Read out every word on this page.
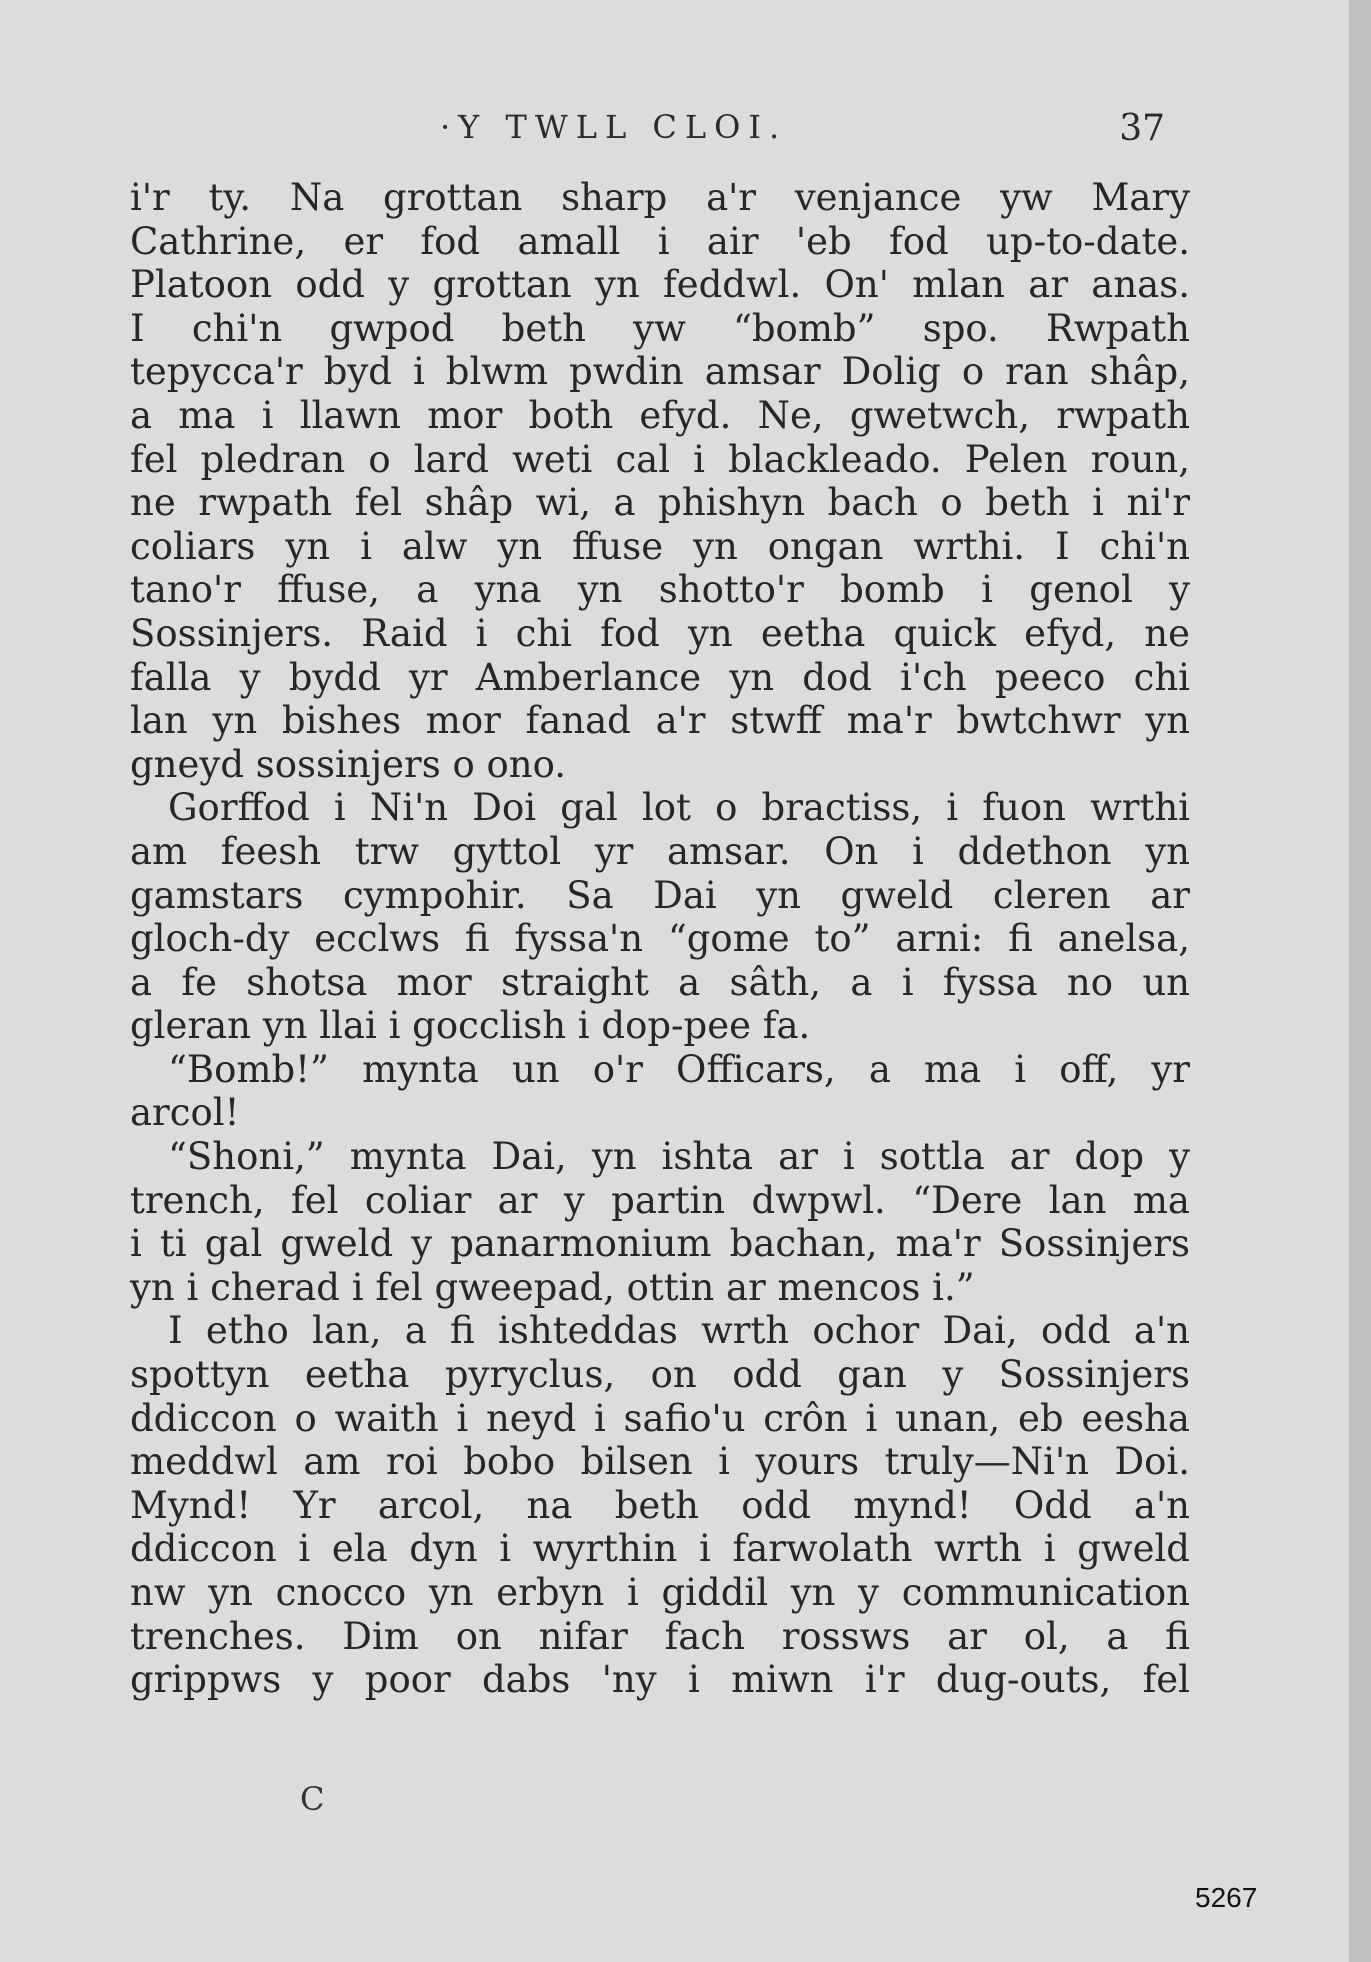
·Y TWLL CLOI.	37
i'r ty. Na grottan sharp a'r venjance yw Mary
Cathrine, er fod amall i air 'eb fod up-to-date.
Platoon odd y grottan yn feddwl. On' mlan ar anas.
I chi'n gwpod beth yw “bomb” spo. Rwpath
tepycca'r byd i blwm pwdin amsar Dolig o ran shâp,
a ma i llawn mor both efyd. Ne, gwetwch, rwpath
fel pledran o lard weti cal i blackleado. Pelen roun,
ne rwpath fel shâp wi, a phishyn bach o beth i ni'r
coliars yn i alw yn ffuse yn ongan wrthi. I chi'n
tano'r ffuse, a yna yn shotto'r bomb i genol y
Sossinjers. Raid i chi fod yn eetha quick efyd, ne
falla y bydd yr Amberlance yn dod i'ch peeco chi
lan yn bishes mor fanad a'r stwff ma'r bwtchwr yn
gneyd sossinjers o ono.
Gorffod i Ni'n Doi gal lot o bractiss, i fuon wrthi
am feesh trw gyttol yr amsar. On i ddethon yn
gamstars cympohir. Sa Dai yn gweld cleren ar
gloch-dy ecclws fi fyssa'n “gome to” arni: fi anelsa,
a fe shotsa mor straight a sâth, a i fyssa no un
gleran yn llai i gocclish i dop-pee fa.
“Bomb!” mynta un o'r Officars, a ma i off, yr
arcol!
“Shoni,” mynta Dai, yn ishta ar i sottla ar dop y
trench, fel coliar ar y partin dwpwl. “Dere lan ma
i ti gal gweld y panarmonium bachan, ma'r Sossinjers
yn i cherad i fel gweepad, ottin ar mencos i.”
I etho lan, a fi ishteddas wrth ochor Dai, odd a'n
spottyn eetha pyryclus, on odd gan y Sossinjers
ddiccon o waith i neyd i safio'u crôn i unan, eb eesha
meddwl am roi bobo bilsen i yours truly—Ni'n Doi.
Mynd! Yr arcol, na beth odd mynd! Odd a'n
ddiccon i ela dyn i wyrthin i farwolath wrth i gweld
nw yn cnocco yn erbyn i giddil yn y communication
trenches. Dim on nifar fach rossws ar ol, a fi
grippws y poor dabs 'ny i miwn i'r dug-outs, fel
C
5267
